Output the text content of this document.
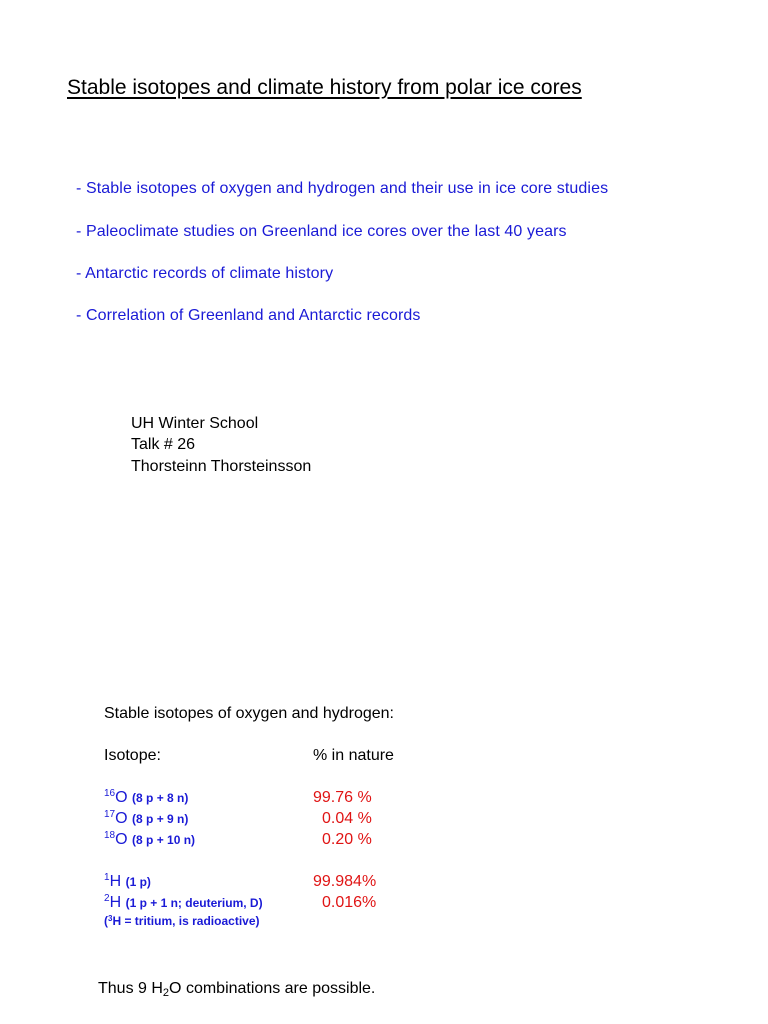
Stable isotopes and climate history from polar ice cores
- Stable isotopes of oxygen and hydrogen and their use in ice core studies
- Paleoclimate studies on Greenland ice cores over the last 40 years
- Antarctic records of climate history
- Correlation of Greenland and Antarctic records
UH Winter School
Talk # 26
Thorsteinn Thorsteinsson
Stable isotopes of oxygen and hydrogen:
Isotope:	% in nature
$^{16}$O (8 p + 8 n)	99.76 %
$^{17}$O (8 p + 9 n)	0.04 %
$^{18}$O (8 p + 10 n)	0.20 %
$^1$H (1 p)	99.984%
$^2$H (1 p + 1 n; deuterium, D)	0.016%
($^3$H = tritium, is radioactive)
Thus 9 $H_2O$ combinations are possible.
